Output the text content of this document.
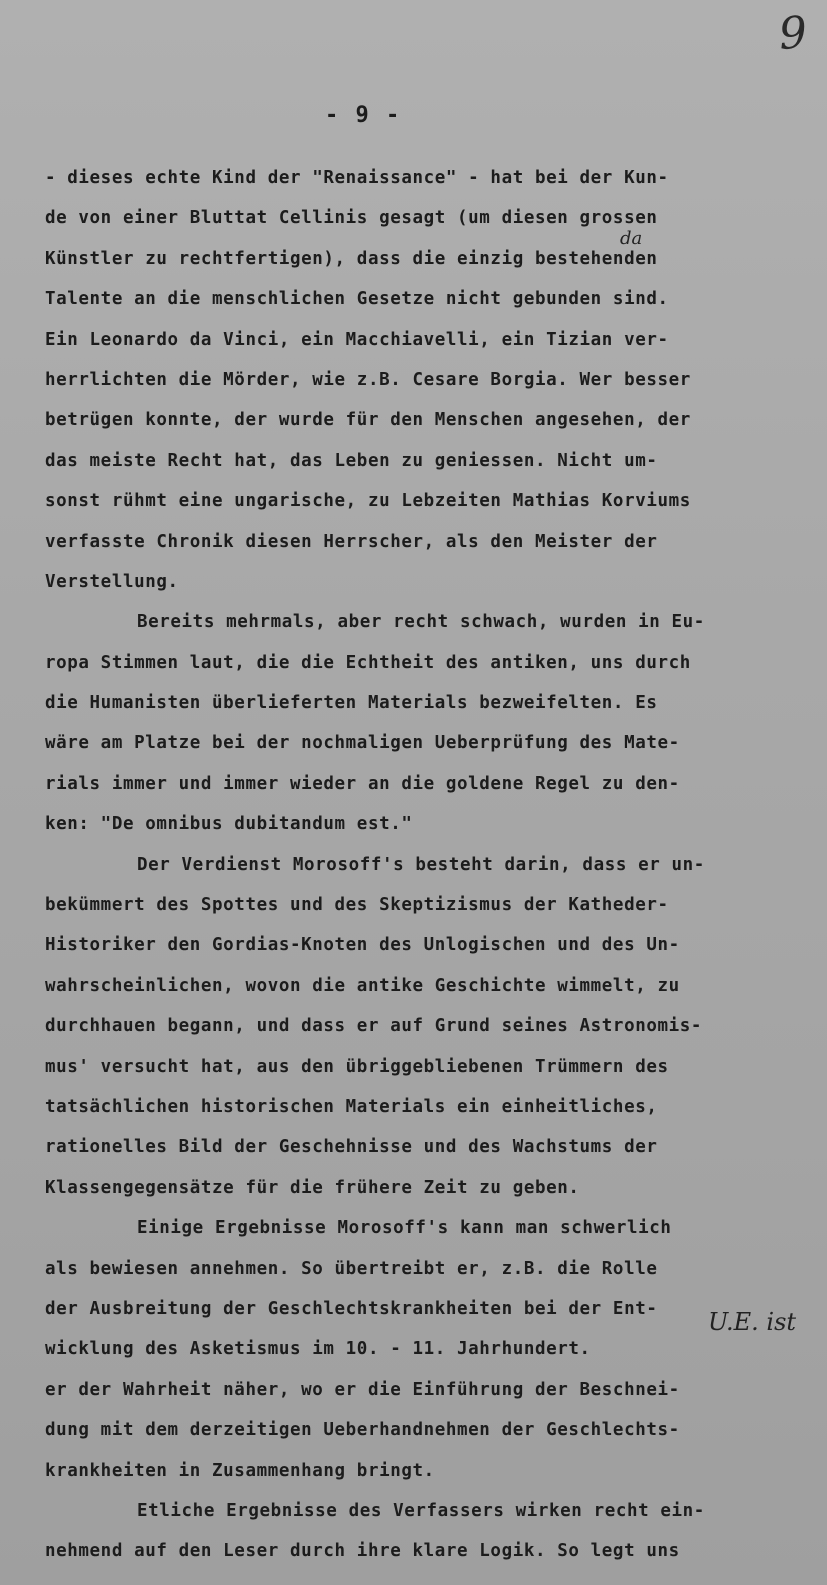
9
- 9 -
da
U.E. ist
- dieses echte Kind der "Renaissance" - hat bei der Kun-
de von einer Bluttat Cellinis gesagt (um diesen grossen
Künstler zu rechtfertigen), dass die einzig bestehenden
Talente an die menschlichen Gesetze nicht gebunden sind.
Ein Leonardo da Vinci, ein Macchiavelli, ein Tizian ver-
herrlichten die Mörder, wie z.B. Cesare Borgia. Wer besser
betrügen konnte, der wurde für den Menschen angesehen, der
das meiste Recht hat, das Leben zu geniessen. Nicht um-
sonst rühmt eine ungarische, zu Lebzeiten Mathias Korviums
verfasste Chronik diesen Herrscher, als den Meister der
Verstellung.
Bereits mehrmals, aber recht schwach, wurden in Eu-
ropa Stimmen laut, die die Echtheit des antiken, uns durch
die Humanisten überlieferten Materials bezweifelten. Es
wäre am Platze bei der nochmaligen Ueberprüfung des Mate-
rials immer und immer wieder an die goldene Regel zu den-
ken: "De omnibus dubitandum est."
Der Verdienst Morosoff's besteht darin, dass er un-
bekümmert des Spottes und des Skeptizismus der Katheder-
Historiker den Gordias-Knoten des Unlogischen und des Un-
wahrscheinlichen, wovon die antike Geschichte wimmelt, zu
durchhauen begann, und dass er auf Grund seines Astronomis-
mus' versucht hat, aus den übriggebliebenen Trümmern des
tatsächlichen historischen Materials ein einheitliches,
rationelles Bild der Geschehnisse und des Wachstums der
Klassengegensätze für die frühere Zeit zu geben.
Einige Ergebnisse Morosoff's kann man schwerlich
als bewiesen annehmen. So übertreibt er, z.B. die Rolle
der Ausbreitung der Geschlechtskrankheiten bei der Ent-
wicklung des Asketismus im 10. - 11. Jahrhundert.
er der Wahrheit näher, wo er die Einführung der Beschnei-
dung mit dem derzeitigen Ueberhandnehmen der Geschlechts-
krankheiten in Zusammenhang bringt.
Etliche Ergebnisse des Verfassers wirken recht ein-
nehmend auf den Leser durch ihre klare Logik. So legt uns
